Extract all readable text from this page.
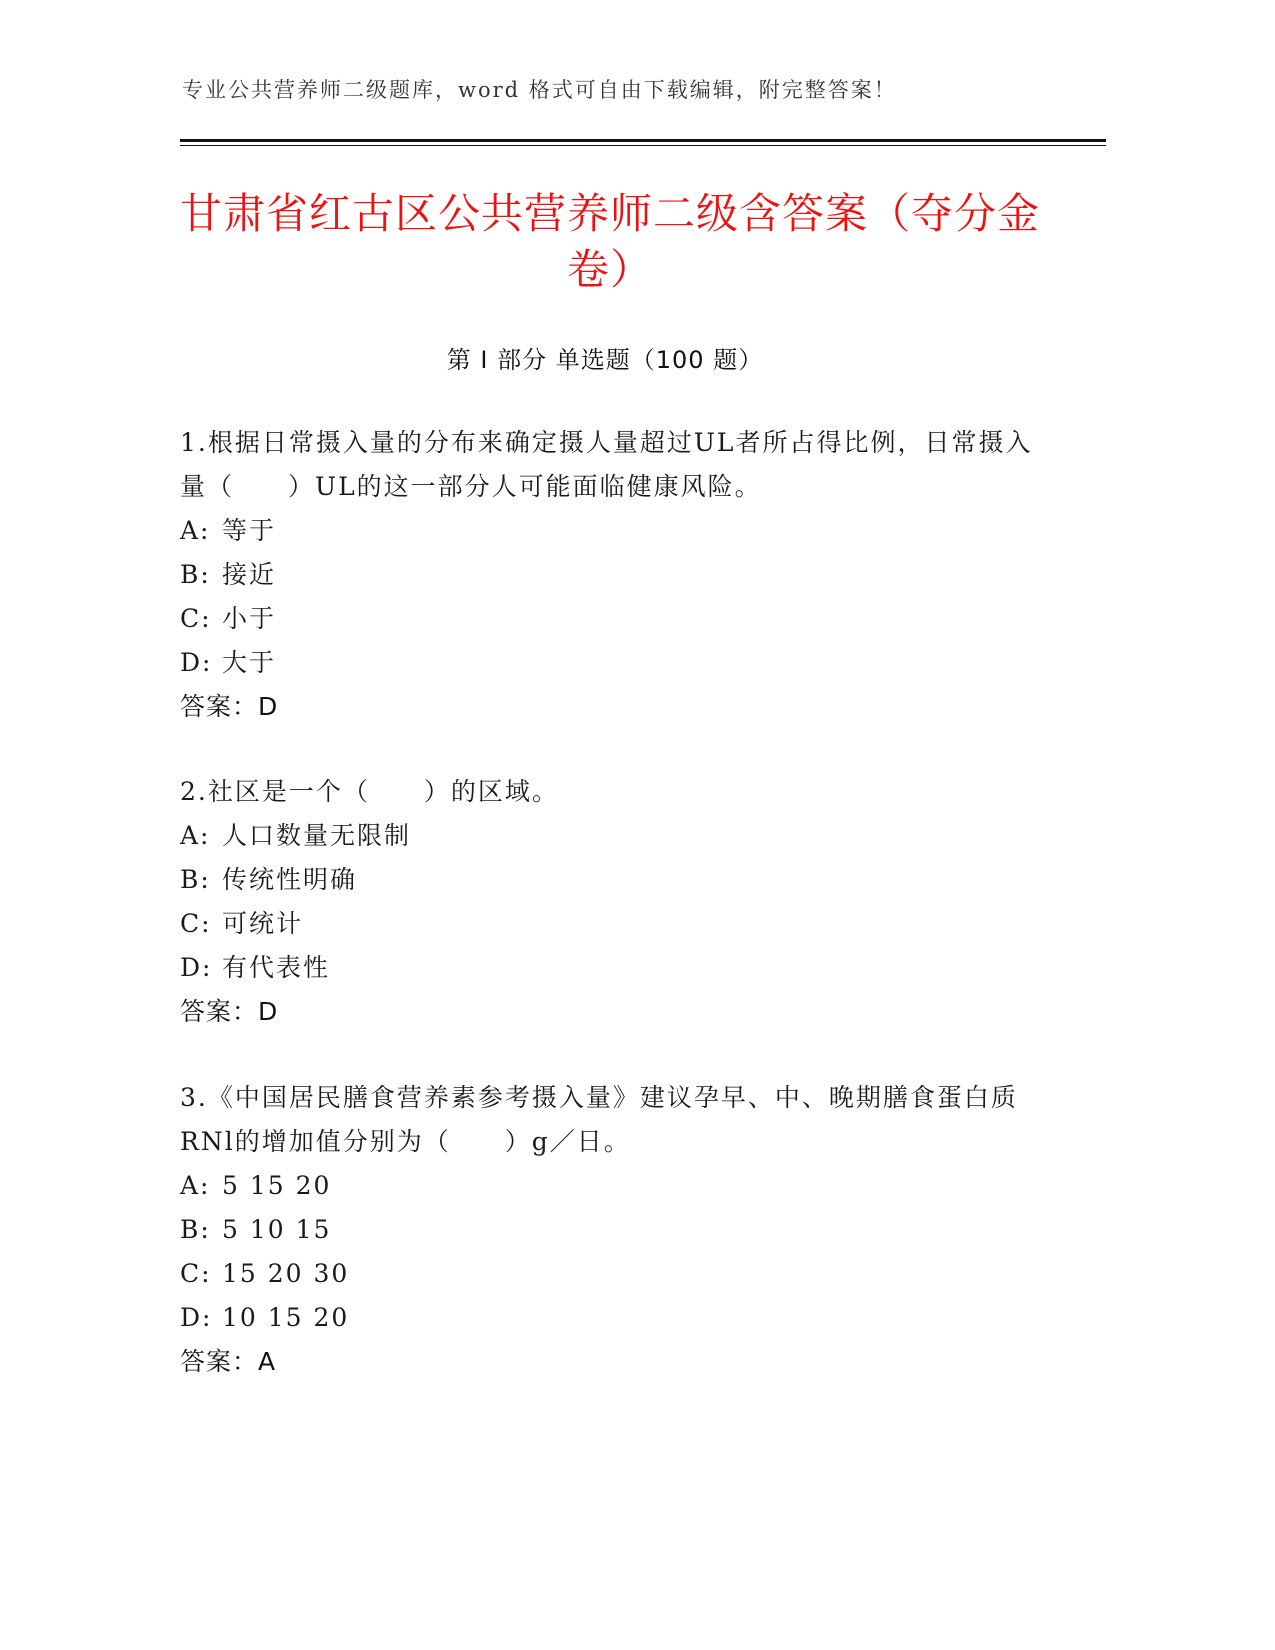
专业公共营养师二级题库，word 格式可自由下载编辑，附完整答案！
甘肃省红古区公共营养师二级含答案（夺分金卷）
第 I 部分 单选题（100 题）

1.根据日常摄入量的分布来确定摄人量超过UL者所占得比例，日常摄入量（　　）UL的这一部分人可能面临健康风险。

A: 等于

B: 接近

C: 小于

D: 大于

答案：D

2.社区是一个（　　）的区域。

A: 人口数量无限制

B: 传统性明确

C: 可统计

D: 有代表性

答案：D

3.《中国居民膳食营养素参考摄入量》建议孕早、中、晚期膳食蛋白质RNl的增加值分别为（　　）g／日。

A: 5 15 20

B: 5 10 15

C: 15 20 30

D: 10 15 20

答案：A
